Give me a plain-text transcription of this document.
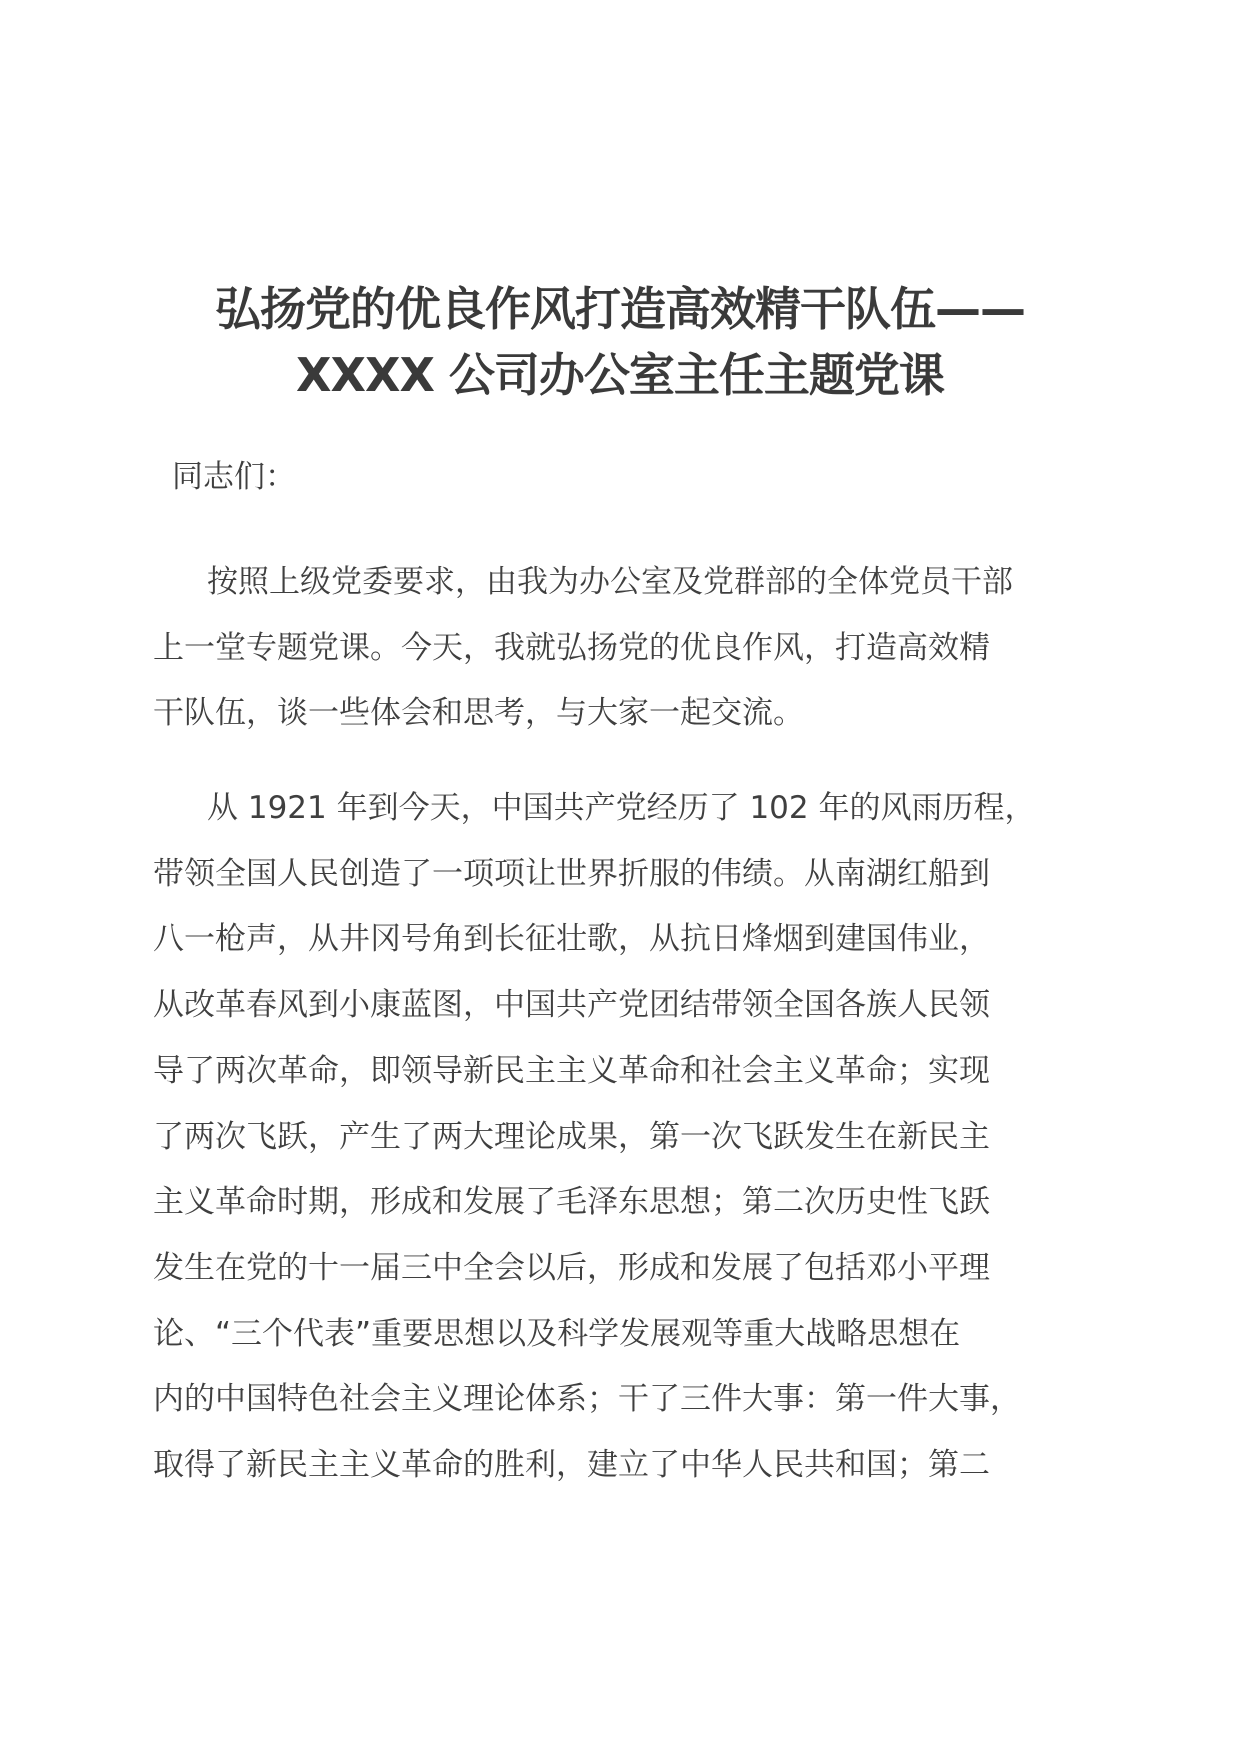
弘扬党的优良作风打造高效精干队伍——
XXXX 公司办公室主任主题党课

同志们：

按照上级党委要求，由我为办公室及党群部的全体党员干部
上一堂专题党课。今天，我就弘扬党的优良作风，打造高效精
干队伍，谈一些体会和思考，与大家一起交流。

从 1921 年到今天，中国共产党经历了 102 年的风雨历程，
带领全国人民创造了一项项让世界折服的伟绩。从南湖红船到
八一枪声，从井冈号角到长征壮歌，从抗日烽烟到建国伟业，
从改革春风到小康蓝图，中国共产党团结带领全国各族人民领
导了两次革命，即领导新民主主义革命和社会主义革命；实现
了两次飞跃，产生了两大理论成果，第一次飞跃发生在新民主
主义革命时期，形成和发展了毛泽东思想；第二次历史性飞跃
发生在党的十一届三中全会以后，形成和发展了包括邓小平理
论、“三个代表”重要思想以及科学发展观等重大战略思想在
内的中国特色社会主义理论体系；干了三件大事：第一件大事，
取得了新民主主义革命的胜利，建立了中华人民共和国；第二
